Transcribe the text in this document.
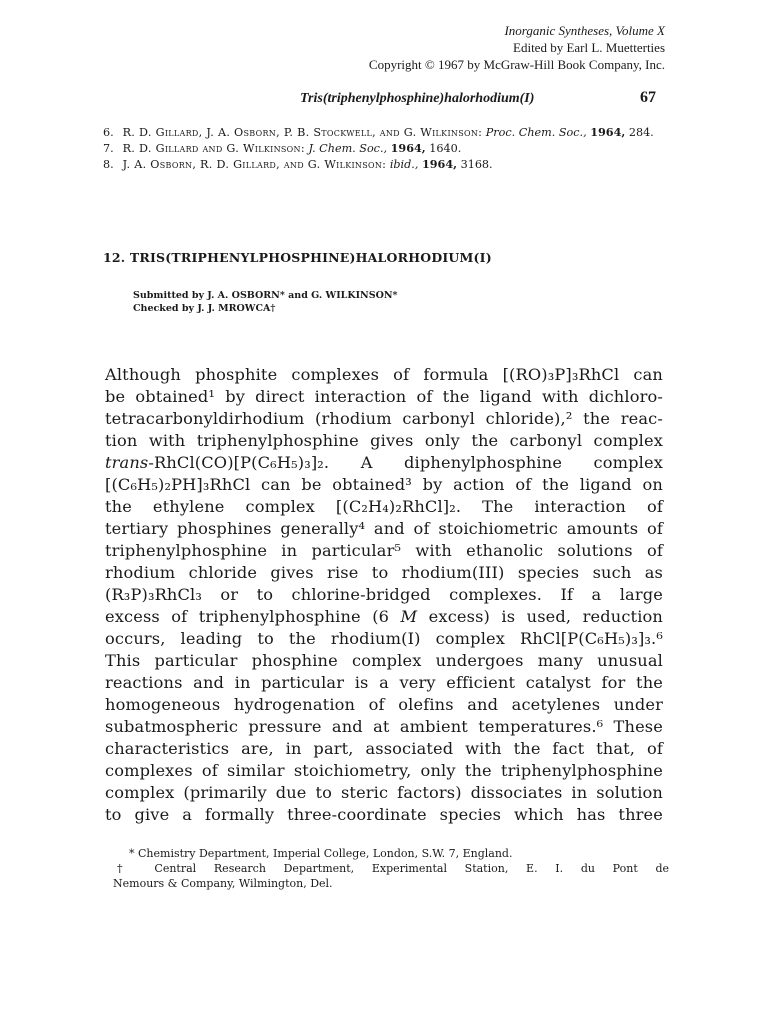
Inorganic Syntheses, Volume X
Edited by Earl L. Muetterties
Copyright © 1967 by McGraw-Hill Book Company, Inc.
Tris(triphenylphosphine)halorhodium(I)	67
6. R. D. Gillard, J. A. Osborn, P. B. Stockwell, and G. Wilkinson: Proc. Chem. Soc., 1964, 284.
7. R. D. Gillard and G. Wilkinson: J. Chem. Soc., 1964, 1640.
8. J. A. Osborn, R. D. Gillard, and G. Wilkinson: ibid., 1964, 3168.
12. TRIS(TRIPHENYLPHOSPHINE)HALORHODIUM(I)
Submitted by J. A. OSBORN* and G. WILKINSON*
Checked by J. J. MROWCA†
Although phosphite complexes of formula [(RO)₃P]₃RhCl can
be obtained¹ by direct interaction of the ligand with dichloro-
tetracarbonyldirhodium (rhodium carbonyl chloride),² the reac-
tion with triphenylphosphine gives only the carbonyl complex
trans-RhCl(CO)[P(C₆H₅)₃]₂. A diphenylphosphine complex
[(C₆H₅)₂PH]₃RhCl can be obtained³ by action of the ligand on
the ethylene complex [(C₂H₄)₂RhCl]₂. The interaction of
tertiary phosphines generally⁴ and of stoichiometric amounts of
triphenylphosphine in particular⁵ with ethanolic solutions of
rhodium chloride gives rise to rhodium(III) species such as
(R₃P)₃RhCl₃ or to chlorine-bridged complexes. If a large
excess of triphenylphosphine (6 M excess) is used, reduction
occurs, leading to the rhodium(I) complex RhCl[P(C₆H₅)₃]₃.⁶
This particular phosphine complex undergoes many unusual
reactions and in particular is a very efficient catalyst for the
homogeneous hydrogenation of olefins and acetylenes under
subatmospheric pressure and at ambient temperatures.⁶ These
characteristics are, in part, associated with the fact that, of
complexes of similar stoichiometry, only the triphenylphosphine
complex (primarily due to steric factors) dissociates in solution
to give a formally three-coordinate species which has three
* Chemistry Department, Imperial College, London, S.W. 7, England.
† Central Research Department, Experimental Station, E. I. du Pont de
Nemours & Company, Wilmington, Del.
